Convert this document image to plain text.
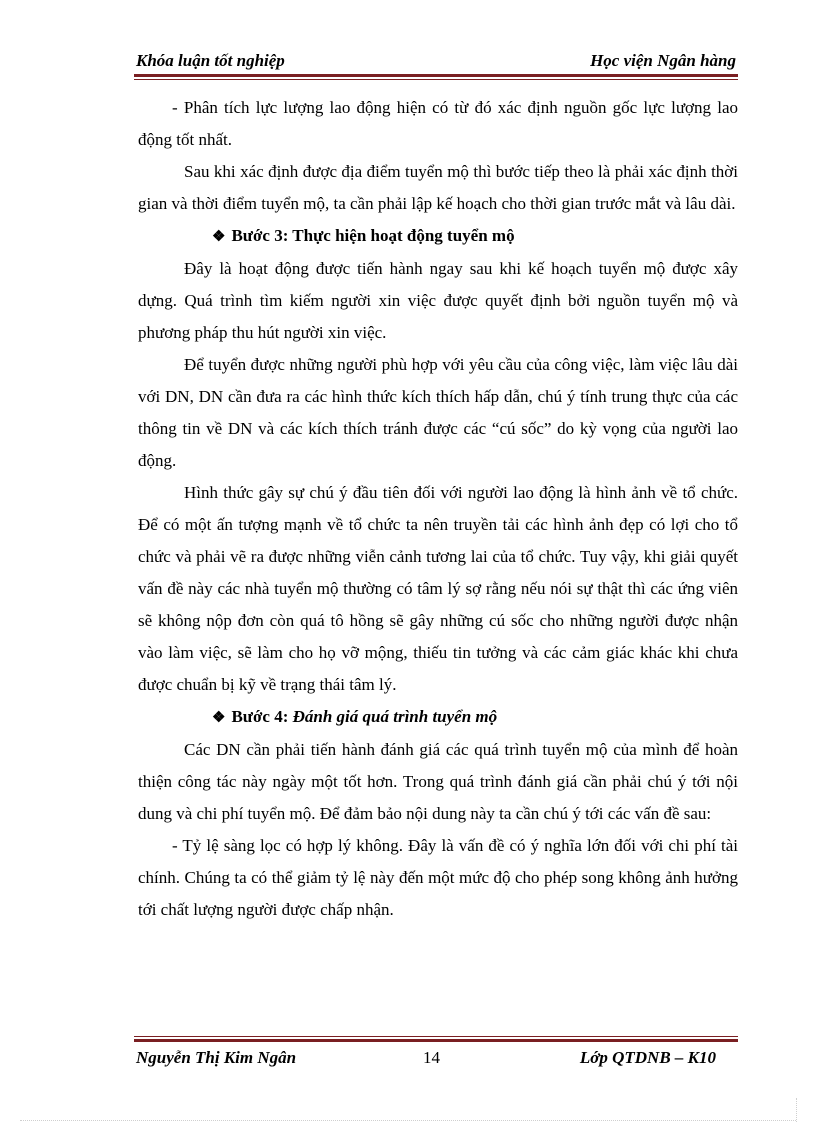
Khóa luận tốt nghiệp	Học viện Ngân hàng

- Phân tích lực lượng lao động hiện có từ đó xác định nguồn gốc lực lượng lao động tốt nhất.

Sau khi xác định được địa điểm tuyển mộ thì bước tiếp theo là phải xác định thời gian và thời điểm tuyển mộ, ta cần phải lập kế hoạch cho thời gian trước mắt và lâu dài.

❖ Bước 3: Thực hiện hoạt động tuyển mộ

Đây là hoạt động được tiến hành ngay sau khi kế hoạch tuyển mộ được xây dựng. Quá trình tìm kiếm người xin việc được quyết định bởi nguồn tuyển mộ và phương pháp thu hút người xin việc.

Để tuyển được những người phù hợp với yêu cầu của công việc, làm việc lâu dài với DN, DN cần đưa ra các hình thức kích thích hấp dẫn, chú ý tính trung thực của các thông tin về DN và các kích thích tránh được các “cú sốc” do kỳ vọng của người lao động.

Hình thức gây sự chú ý đầu tiên đối với người lao động là hình ảnh về tổ chức. Để có một ấn tượng mạnh về tổ chức ta nên truyền tải các hình ảnh đẹp có lợi cho tổ chức và phải vẽ ra được những viễn cảnh tương lai của tổ chức. Tuy vậy, khi giải quyết vấn đề này các nhà tuyển mộ thường có tâm lý sợ rằng nếu nói sự thật thì các ứng viên sẽ không nộp đơn còn quá tô hồng sẽ gây những cú sốc cho những người được nhận vào làm việc, sẽ làm cho họ vỡ mộng, thiếu tin tưởng và các cảm giác khác khi chưa được chuẩn bị kỹ về trạng thái tâm lý.

❖ Bước 4: Đánh giá quá trình tuyển mộ

Các DN cần phải tiến hành đánh giá các quá trình tuyển mộ của mình để hoàn thiện công tác này ngày một tốt hơn. Trong quá trình đánh giá cần phải chú ý tới nội dung và chi phí tuyển mộ. Để đảm bảo nội dung này ta cần chú ý tới các vấn đề sau:

- Tỷ lệ sàng lọc có hợp lý không. Đây là vấn đề có ý nghĩa lớn đối với chi phí tài chính. Chúng ta có thể giảm tỷ lệ này đến một mức độ cho phép song không ảnh hưởng tới chất lượng người được chấp nhận.

Nguyễn Thị Kim Ngân	14	Lớp QTDNB – K10
